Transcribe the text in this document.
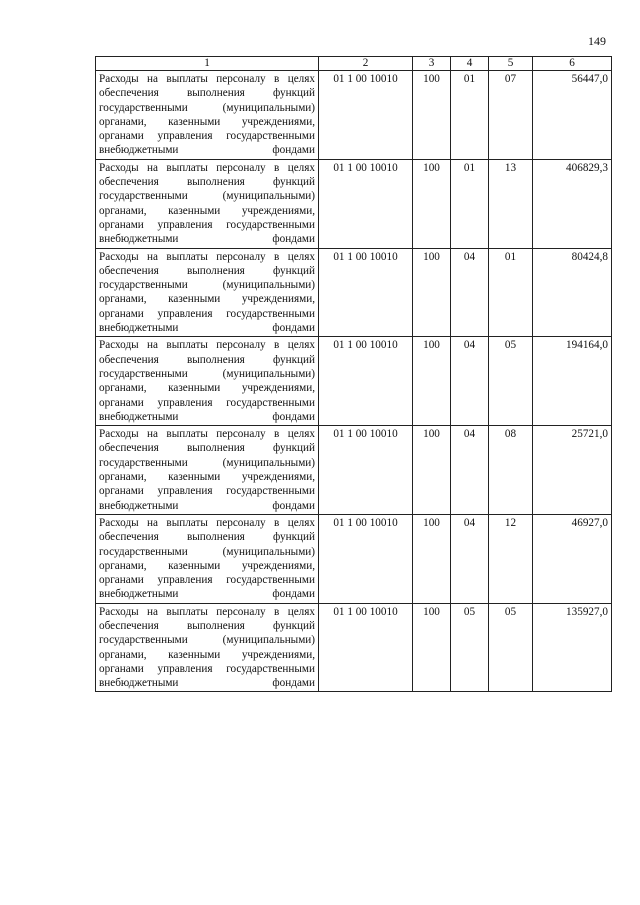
149
1	2	3	4	5	6
Расходы на выплаты персоналу в целях обеспечения выполнения функций государственными (муниципальными) органами, казенными учреждениями, органами управления государственными внебюджетными фондами	01 1 00 10010	100	01	07	56447,0
Расходы на выплаты персоналу в целях обеспечения выполнения функций государственными (муниципальными) органами, казенными учреждениями, органами управления государственными внебюджетными фондами	01 1 00 10010	100	01	13	406829,3
Расходы на выплаты персоналу в целях обеспечения выполнения функций государственными (муниципальными) органами, казенными учреждениями, органами управления государственными внебюджетными фондами	01 1 00 10010	100	04	01	80424,8
Расходы на выплаты персоналу в целях обеспечения выполнения функций государственными (муниципальными) органами, казенными учреждениями, органами управления государственными внебюджетными фондами	01 1 00 10010	100	04	05	194164,0
Расходы на выплаты персоналу в целях обеспечения выполнения функций государственными (муниципальными) органами, казенными учреждениями, органами управления государственными внебюджетными фондами	01 1 00 10010	100	04	08	25721,0
Расходы на выплаты персоналу в целях обеспечения выполнения функций государственными (муниципальными) органами, казенными учреждениями, органами управления государственными внебюджетными фондами	01 1 00 10010	100	04	12	46927,0
Расходы на выплаты персоналу в целях обеспечения выполнения функций государственными (муниципальными) органами, казенными учреждениями, органами управления государственными внебюджетными фондами	01 1 00 10010	100	05	05	135927,0
